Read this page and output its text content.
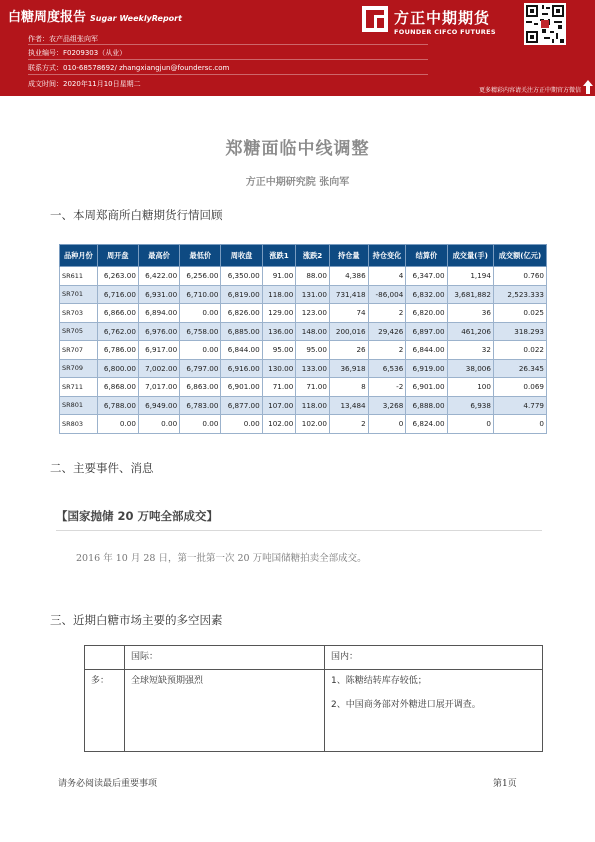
白糖周度报告 Sugar WeeklyReport
作者：农产品组张向军
执业编号：F0209303（从业）
联系方式：010-68578692/ zhangxiangjun@foundersc.com
成文时间：2020年11月10日星期二
方正中期期货
FOUNDER CIFCO FUTURES
更多精彩内容请关注方正中期官方微信
郑糖面临中线调整
方正中期研究院 张向军
一、本周郑商所白糖期货行情回顾
品种月份	周开盘	最高价	最低价	周收盘	涨跌1	涨跌2	持仓量	持仓变化	结算价	成交量(手)	成交额(亿元)
SR611	6,263.00	6,422.00	6,256.00	6,350.00	91.00	88.00	4,386	4	6,347.00	1,194	0.760
SR701	6,716.00	6,931.00	6,710.00	6,819.00	118.00	131.00	731,418	-86,004	6,832.00	3,681,882	2,523.333
SR703	6,866.00	6,894.00	0.00	6,826.00	129.00	123.00	74	2	6,820.00	36	0.025
SR705	6,762.00	6,976.00	6,758.00	6,885.00	136.00	148.00	200,016	29,426	6,897.00	461,206	318.293
SR707	6,786.00	6,917.00	0.00	6,844.00	95.00	95.00	26	2	6,844.00	32	0.022
SR709	6,800.00	7,002.00	6,797.00	6,916.00	130.00	133.00	36,918	6,536	6,919.00	38,006	26.345
SR711	6,868.00	7,017.00	6,863.00	6,901.00	71.00	71.00	8	-2	6,901.00	100	0.069
SR801	6,788.00	6,949.00	6,783.00	6,877.00	107.00	118.00	13,484	3,268	6,888.00	6,938	4.779
SR803	0.00	0.00	0.00	0.00	102.00	102.00	2	0	6,824.00	0	0
二、主要事件、消息
【国家抛储 20 万吨全部成交】
2016 年 10 月 28 日，第一批第一次 20 万吨国储糖拍卖全部成交。
三、近期白糖市场主要的多空因素
	国际：	国内：
多：	全球短缺预期强烈	1、陈糖结转库存较低；

2、中国商务部对外糖进口展开调查。

请务必阅读最后重要事项	第1页
